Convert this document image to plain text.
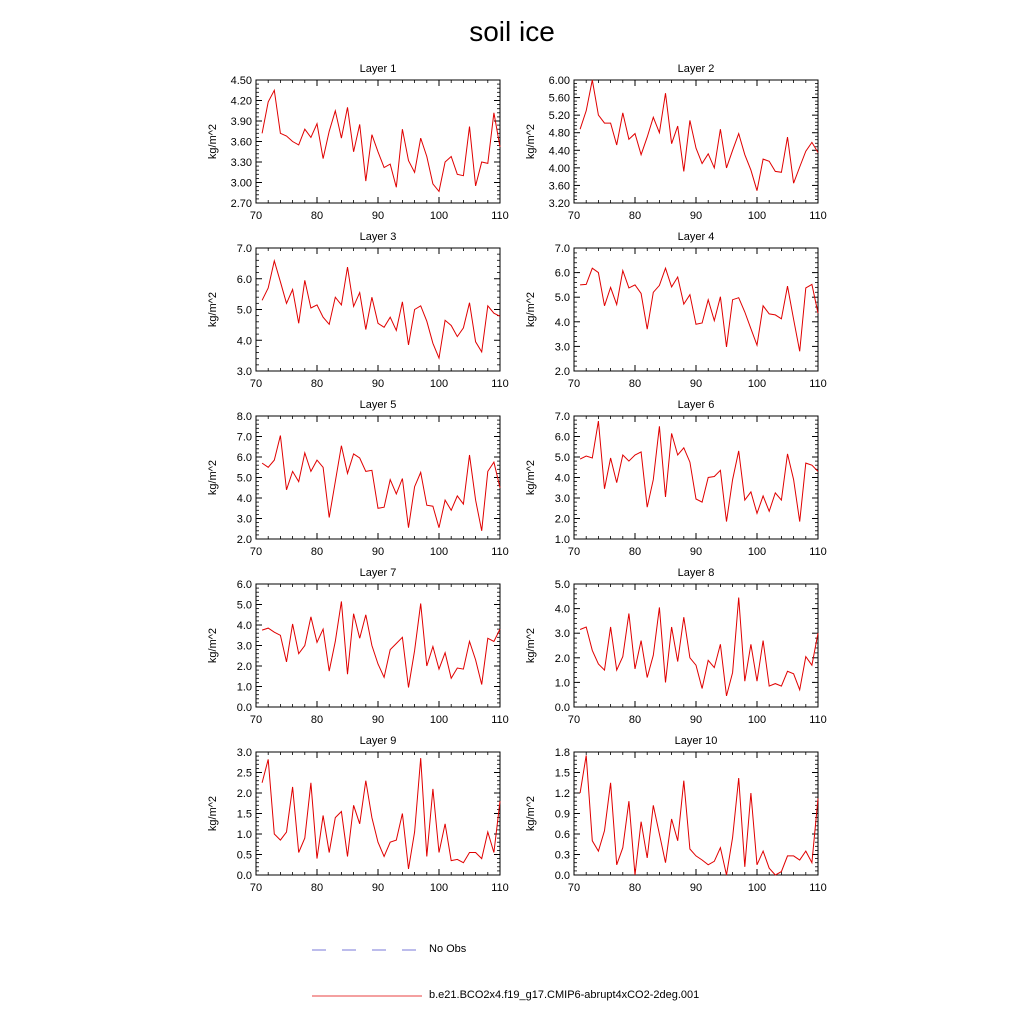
soil ice
Layer 1
kg/m^2
70	80	90	100	110
2.70
3.00
3.30
3.60
3.90
4.20
4.50
Layer 2
kg/m^2
70	80	90	100	110
3.20
3.60
4.00
4.40
4.80
5.20
5.60
6.00
Layer 3
kg/m^2
70	80	90	100	110
3.0
4.0
5.0
6.0
7.0
Layer 4
kg/m^2
70	80	90	100	110
2.0
3.0
4.0
5.0
6.0
7.0
Layer 5
kg/m^2
70	80	90	100	110
2.0
3.0
4.0
5.0
6.0
7.0
8.0
Layer 6
kg/m^2
70	80	90	100	110
1.0
2.0
3.0
4.0
5.0
6.0
7.0
Layer 7
kg/m^2
70	80	90	100	110
0.0
1.0
2.0
3.0
4.0
5.0
6.0
Layer 8
kg/m^2
70	80	90	100	110
0.0
1.0
2.0
3.0
4.0
5.0
Layer 9
kg/m^2
70	80	90	100	110
0.0
0.5
1.0
1.5
2.0
2.5
3.0
Layer 10
kg/m^2
70	80	90	100	110
0.0
0.3
0.6
0.9
1.2
1.5
1.8
No Obs
b.e21.BCO2x4.f19_g17.CMIP6-abrupt4xCO2-2deg.001
